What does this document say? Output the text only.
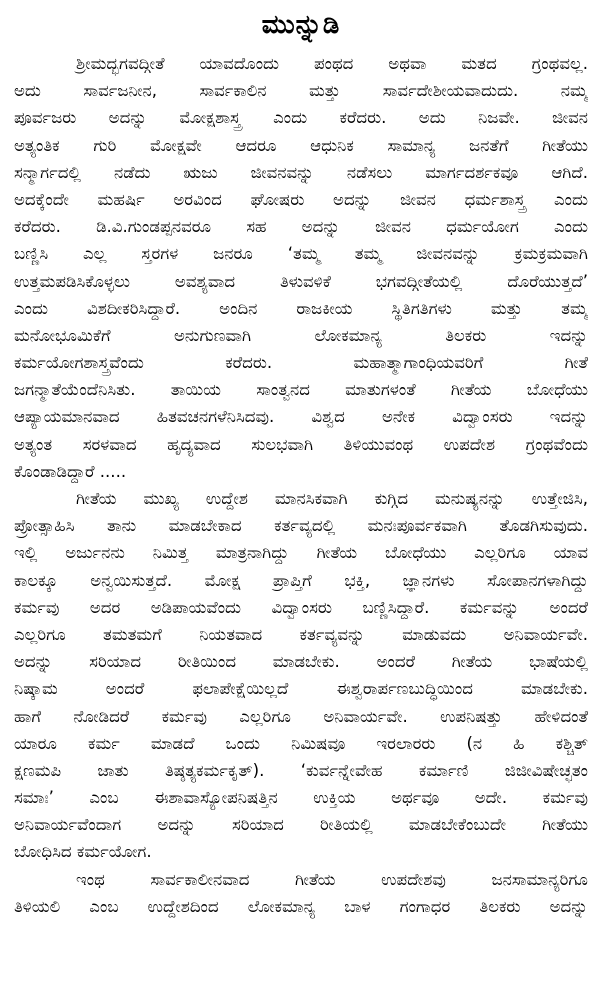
ಮುನ್ನುಡಿ
ಶ್ರೀಮದ್ಭಗವದ್ಗೀತೆ ಯಾವದೊಂದು ಪಂಥದ ಅಥವಾ ಮತದ ಗ್ರಂಥವಲ್ಲ.
ಅದು ಸಾರ್ವಜನೀನ, ಸಾರ್ವಕಾಲಿನ ಮತ್ತು ಸಾರ್ವದೇಶೀಯವಾದುದು. ನಮ್ಮ
ಪೂರ್ವಜರು ಅದನ್ನು ಮೋಕ್ಷಶಾಸ್ತ್ರ ಎಂದು ಕರೆದರು. ಅದು ನಿಜವೇ. ಜೀವನ
ಅತ್ಯಂತಿಕ ಗುರಿ ಮೋಕ್ಷವೇ ಆದರೂ ಆಧುನಿಕ ಸಾಮಾನ್ಯ ಜನತೆಗೆ ಗೀತೆಯು
ಸನ್ಮಾರ್ಗದಲ್ಲಿ ನಡೆದು ಋಜು ಜೀವನವನ್ನು ನಡೆಸಲು ಮಾರ್ಗದರ್ಶಕವೂ ಆಗಿದೆ.
ಅದಕ್ಕೆಂದೇ ಮಹರ್ಷಿ ಅರವಿಂದ ಘೋಷರು ಅದನ್ನು ಜೀವನ ಧರ್ಮಶಾಸ್ತ್ರ ಎಂದು
ಕರೆದರು. ಡಿ.ವಿ.ಗುಂಡಪ್ಪನವರೂ ಸಹ ಅದನ್ನು ಜೀವನ ಧರ್ಮಯೋಗ ಎಂದು
ಬಣ್ಣಿಸಿ ಎಲ್ಲ ಸ್ತರಗಳ ಜನರೂ ‘ತಮ್ಮ ತಮ್ಮ ಜೀವನವನ್ನು ಕ್ರಮಕ್ರಮವಾಗಿ
ಉತ್ತಮಪಡಿಸಿಕೊಳ್ಳಲು ಅವಶ್ಯವಾದ ತಿಳುವಳಿಕೆ ಭಗವದ್ಗೀತೆಯಲ್ಲಿ ದೊರೆಯುತ್ತದೆ’
ಎಂದು ವಿಶದೀಕರಿಸಿದ್ದಾರೆ. ಅಂದಿನ ರಾಜಕೀಯ ಸ್ಥಿತಿಗತಿಗಳು ಮತ್ತು ತಮ್ಮ
ಮನೋಭೂಮಿಕೆಗೆ ಅನುಗುಣವಾಗಿ ಲೋಕಮಾನ್ಯ ತಿಲಕರು ಇದನ್ನು
ಕರ್ಮಯೋಗಶಾಸ್ತ್ರವೆಂದು ಕರೆದರು. ಮಹಾತ್ಮಾಗಾಂಧಿಯವರಿಗೆ ಗೀತೆ
ಜಗನ್ಮಾತೆಯೆಂದೆನಿಸಿತು. ತಾಯಿಯ ಸಾಂತ್ವನದ ಮಾತುಗಳಂತೆ ಗೀತೆಯ ಬೋಧೆಯು
ಆಪ್ಯಾಯಮಾನವಾದ ಹಿತವಚನಗಳೆನಿಸಿದವು. ವಿಶ್ವದ ಅನೇಕ ವಿದ್ವಾಂಸರು ಇದನ್ನು
ಅತ್ಯಂತ ಸರಳವಾದ ಹೃದ್ಯವಾದ ಸುಲಭವಾಗಿ ತಿಳಿಯುವಂಥ ಉಪದೇಶ ಗ್ರಂಥವೆಂದು
ಕೊಂಡಾಡಿದ್ದಾರೆ .....
ಗೀತೆಯ ಮುಖ್ಯ ಉದ್ದೇಶ ಮಾನಸಿಕವಾಗಿ ಕುಗ್ಗಿದ ಮನುಷ್ಯನನ್ನು ಉತ್ತೇಜಿಸಿ,
ಪ್ರೋತ್ಸಾಹಿಸಿ ತಾನು ಮಾಡಬೇಕಾದ ಕರ್ತವ್ಯದಲ್ಲಿ ಮನಃಪೂರ್ವಕವಾಗಿ ತೊಡಗಿಸುವುದು.
ಇಲ್ಲಿ ಅರ್ಜುನನು ನಿಮಿತ್ತ ಮಾತ್ರನಾಗಿದ್ದು ಗೀತೆಯ ಬೋಧೆಯು ಎಲ್ಲರಿಗೂ ಯಾವ
ಕಾಲಕ್ಕೂ ಅನ್ವಯಿಸುತ್ತದೆ. ಮೋಕ್ಷ ಪ್ರಾಪ್ತಿಗೆ ಭಕ್ತಿ, ಜ್ಞಾನಗಳು ಸೋಪಾನಗಳಾಗಿದ್ದು
ಕರ್ಮವು ಅದರ ಅಡಿಪಾಯವೆಂದು ವಿದ್ವಾಂಸರು ಬಣ್ಣಿಸಿದ್ದಾರೆ. ಕರ್ಮವನ್ನು ಅಂದರೆ
ಎಲ್ಲರಿಗೂ ತಮತಮಗೆ ನಿಯತವಾದ ಕರ್ತವ್ಯವನ್ನು ಮಾಡುವದು ಅನಿವಾರ್ಯವೇ.
ಅದನ್ನು ಸರಿಯಾದ ರೀತಿಯಿಂದ ಮಾಡಬೇಕು. ಅಂದರೆ ಗೀತೆಯ ಭಾಷೆಯಲ್ಲಿ
ನಿಷ್ಕಾಮ ಅಂದರೆ ಫಲಾಪೇಕ್ಷೆಯಿಲ್ಲದೆ ಈಶ್ವರಾರ್ಪಣಬುದ್ಧಿಯಿಂದ ಮಾಡಬೇಕು.
ಹಾಗೆ ನೋಡಿದರೆ ಕರ್ಮವು ಎಲ್ಲರಿಗೂ ಅನಿವಾರ್ಯವೇ. ಉಪನಿಷತ್ತು ಹೇಳಿದಂತೆ
ಯಾರೂ ಕರ್ಮ ಮಾಡದೆ ಒಂದು ನಿಮಿಷವೂ ಇರಲಾರರು (ನ ಹಿ ಕಶ್ಚಿತ್
ಕ್ಷಣಮಪಿ ಜಾತು ತಿಷ್ಠತ್ಯಕರ್ಮಕೃತ್). ‘ಕುರ್ವನ್ನೇವೇಹ ಕರ್ಮಾಣಿ ಜಿಜೀವಿಷೇಚ್ಛತಂ
ಸಮಾಃ’ ಎಂಬ ಈಶಾವಾಸ್ಯೋಪನಿಷತ್ತಿನ ಉಕ್ತಿಯ ಅರ್ಥವೂ ಅದೇ. ಕರ್ಮವು
ಅನಿವಾರ್ಯವೆಂದಾಗ ಅದನ್ನು ಸರಿಯಾದ ರೀತಿಯಲ್ಲಿ ಮಾಡಬೇಕೆಂಬುದೇ ಗೀತೆಯು
ಬೋಧಿಸಿದ ಕರ್ಮಯೋಗ.
ಇಂಥ ಸಾರ್ವಕಾಲೀನವಾದ ಗೀತೆಯ ಉಪದೇಶವು ಜನಸಾಮಾನ್ಯರಿಗೂ
ತಿಳಿಯಲಿ ಎಂಬ ಉದ್ದೇಶದಿಂದ ಲೋಕಮಾನ್ಯ ಬಾಳ ಗಂಗಾಧರ ತಿಲಕರು ಅದನ್ನು
